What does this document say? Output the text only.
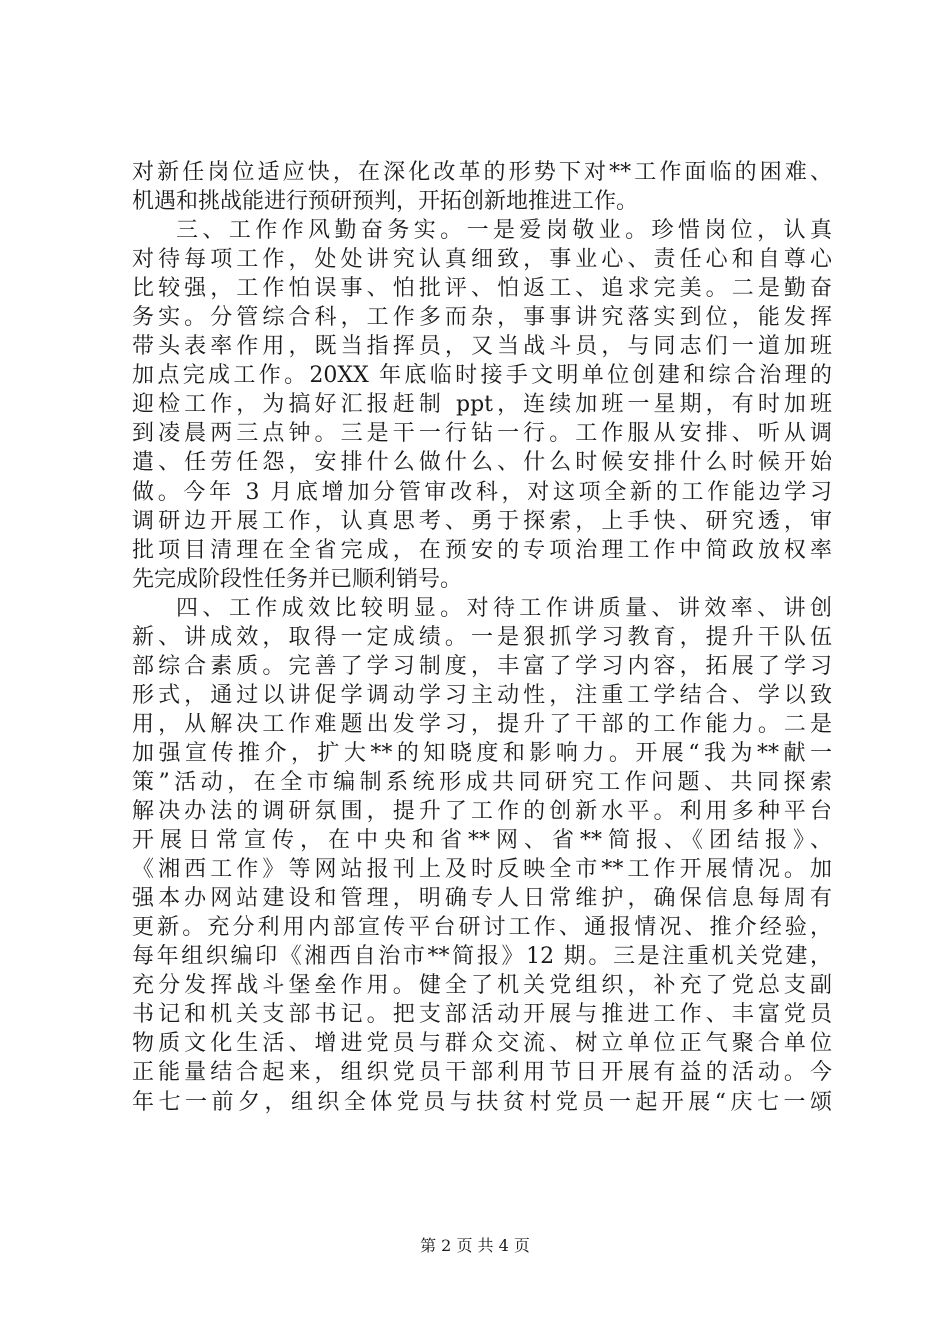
对新任岗位适应快，在深化改革的形势下对**工作面临的困难、
机遇和挑战能进行预研预判，开拓创新地推进工作。
三、工作作风勤奋务实。一是爱岗敬业。珍惜岗位，认真
对待每项工作，处处讲究认真细致，事业心、责任心和自尊心
比较强，工作怕误事、怕批评、怕返工、追求完美。二是勤奋
务实。分管综合科，工作多而杂，事事讲究落实到位，能发挥
带头表率作用，既当指挥员，又当战斗员，与同志们一道加班
加点完成工作。20XX 年底临时接手文明单位创建和综合治理的
迎检工作，为搞好汇报赶制 ppt，连续加班一星期，有时加班
到凌晨两三点钟。三是干一行钻一行。工作服从安排、听从调
遣、任劳任怨，安排什么做什么、什么时候安排什么时候开始
做。今年 3 月底增加分管审改科，对这项全新的工作能边学习
调研边开展工作，认真思考、勇于探索，上手快、研究透，审
批项目清理在全省完成，在预安的专项治理工作中简政放权率
先完成阶段性任务并已顺利销号。
四、工作成效比较明显。对待工作讲质量、讲效率、讲创
新、讲成效，取得一定成绩。一是狠抓学习教育，提升干队伍
部综合素质。完善了学习制度，丰富了学习内容，拓展了学习
形式，通过以讲促学调动学习主动性，注重工学结合、学以致
用，从解决工作难题出发学习，提升了干部的工作能力。二是
加强宣传推介，扩大**的知晓度和影响力。开展“我为**献一
策”活动，在全市编制系统形成共同研究工作问题、共同探索
解决办法的调研氛围，提升了工作的创新水平。利用多种平台
开展日常宣传，在中央和省**网、省**简报、《团结报》、
《湘西工作》等网站报刊上及时反映全市**工作开展情况。加
强本办网站建设和管理，明确专人日常维护，确保信息每周有
更新。充分利用内部宣传平台研讨工作、通报情况、推介经验，
每年组织编印《湘西自治市**简报》12 期。三是注重机关党建，
充分发挥战斗堡垒作用。健全了机关党组织，补充了党总支副
书记和机关支部书记。把支部活动开展与推进工作、丰富党员
物质文化生活、增进党员与群众交流、树立单位正气聚合单位
正能量结合起来，组织党员干部利用节日开展有益的活动。今
年七一前夕，组织全体党员与扶贫村党员一起开展“庆七一颂
第 2 页 共 4 页
